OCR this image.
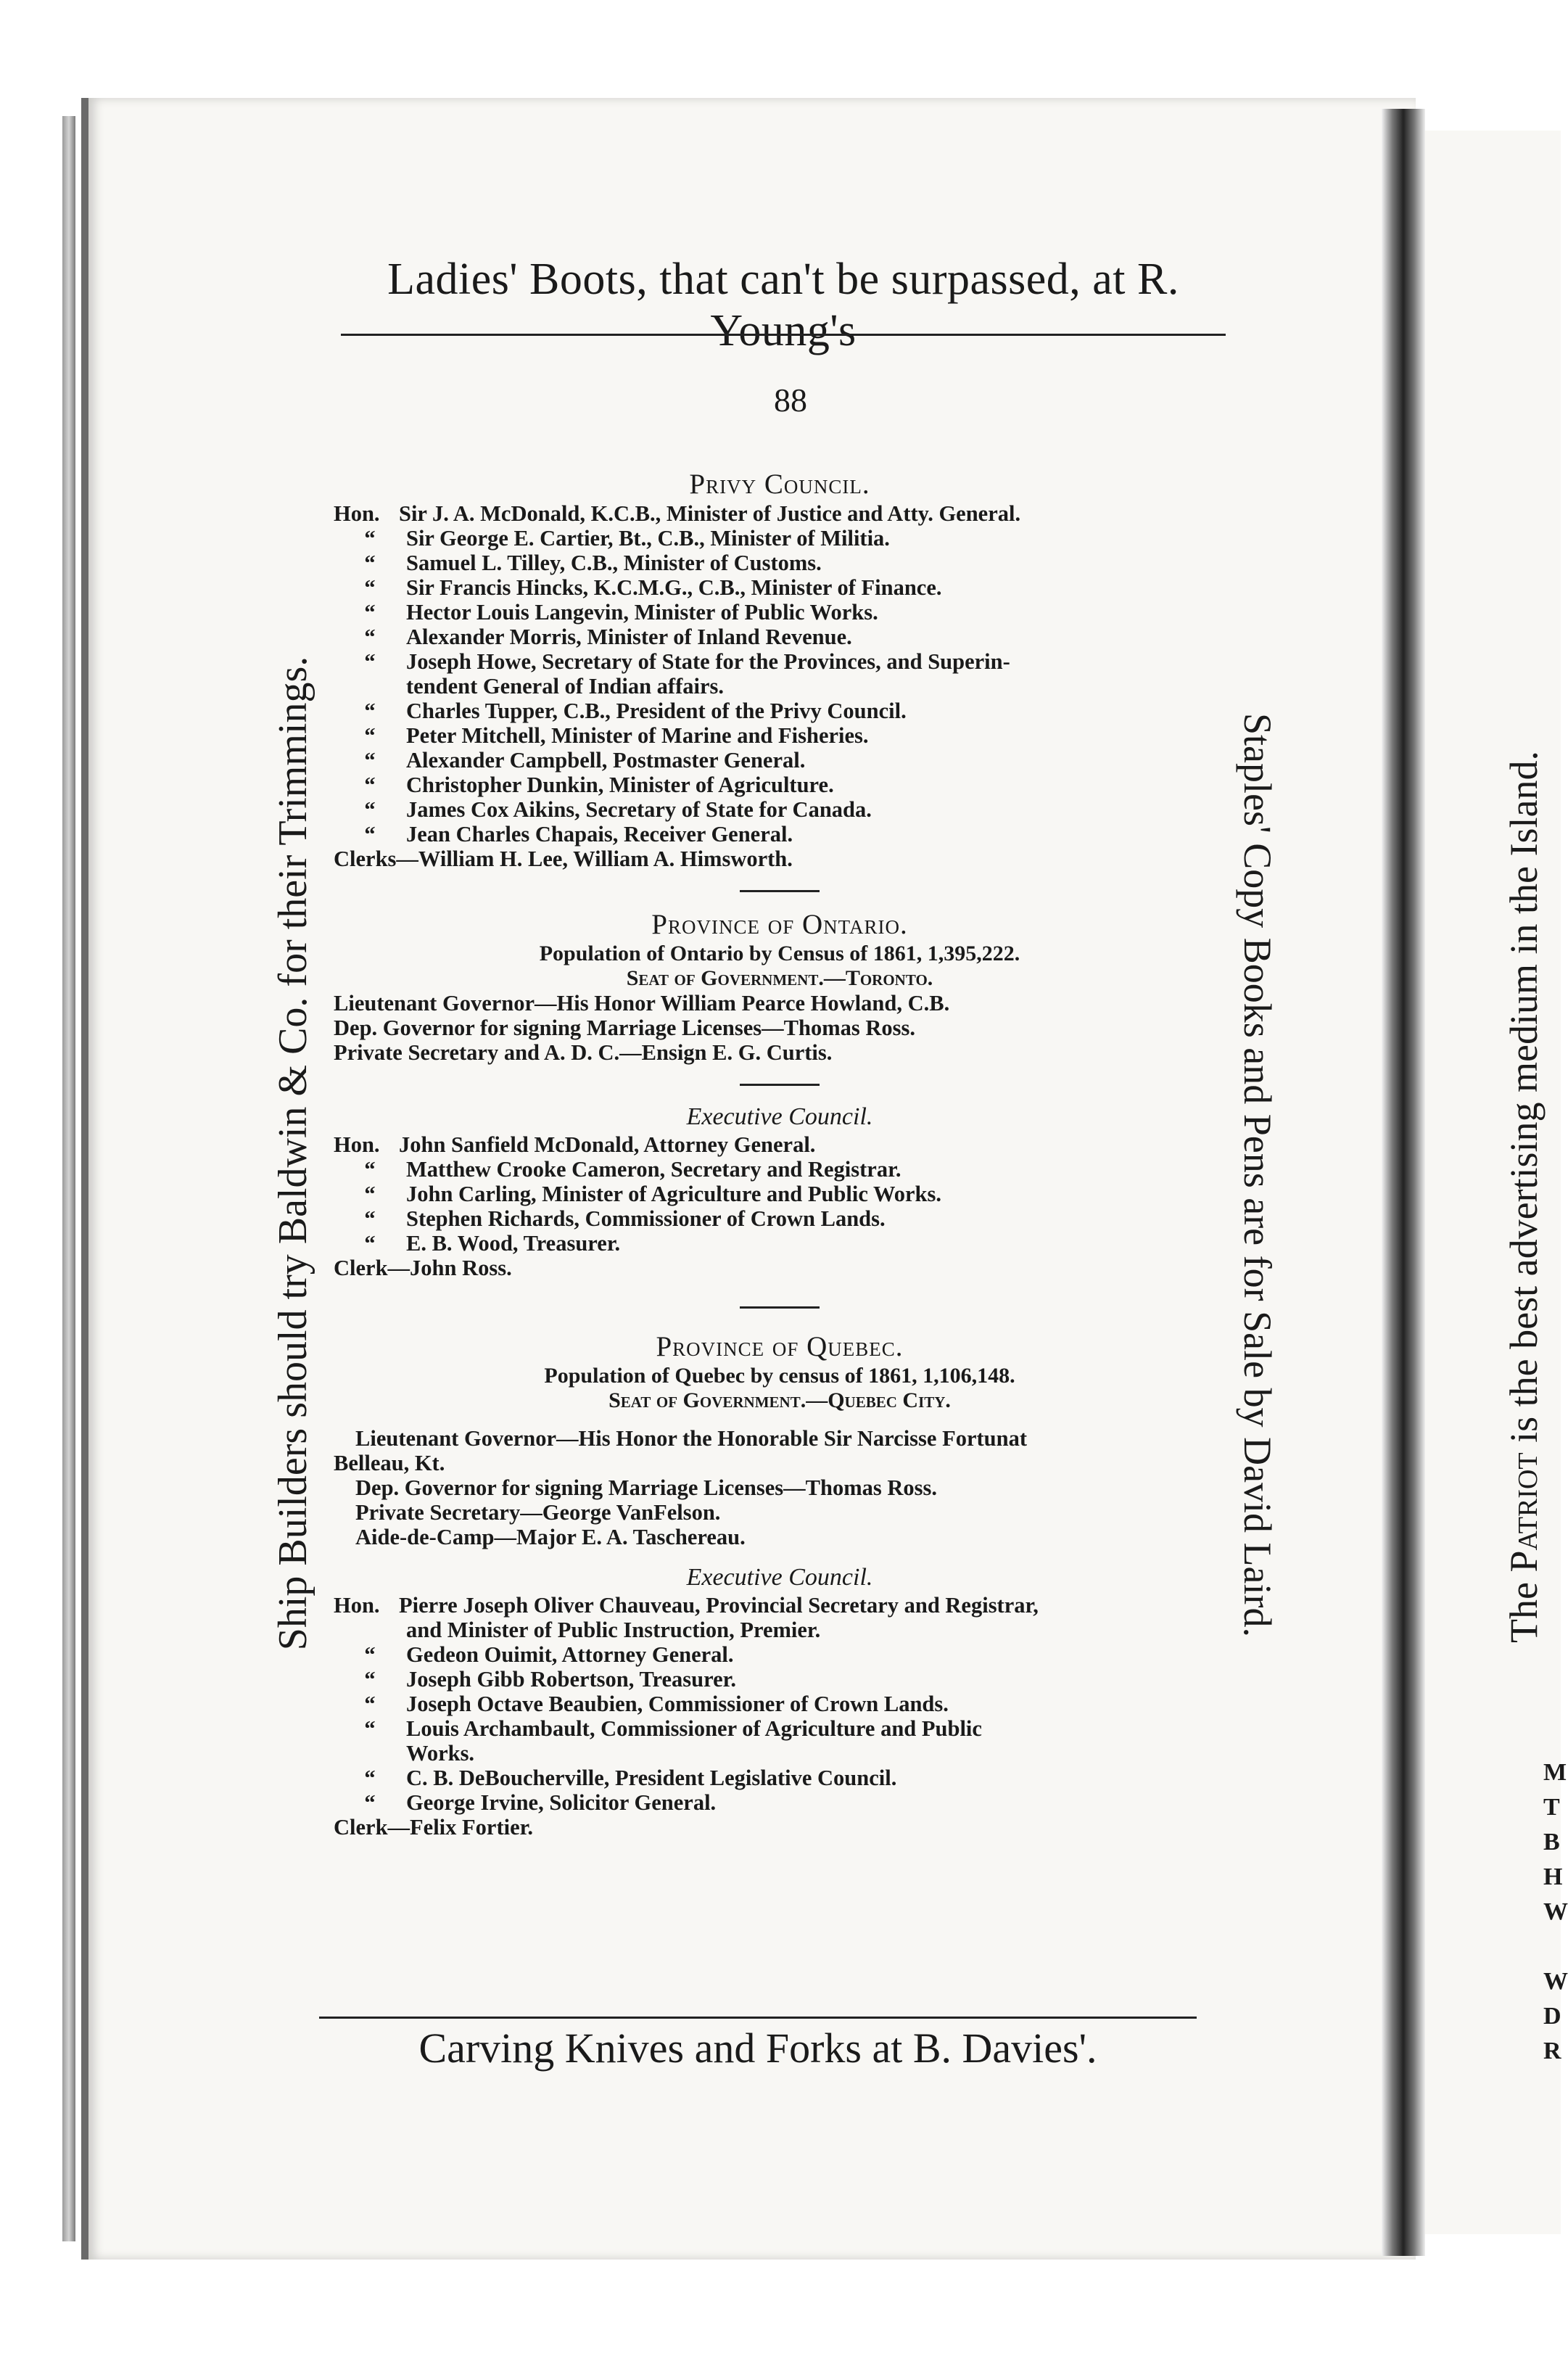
Ladies' Boots, that can't be surpassed, at R. Young's
88
Privy Council.
Hon. Sir J. A. McDonald, K.C.B., Minister of Justice and Atty. General.
“	Sir George E. Cartier, Bt., C.B., Minister of Militia.
“	Samuel L. Tilley, C.B., Minister of Customs.
“	Sir Francis Hincks, K.C.M.G., C.B., Minister of Finance.
“	Hector Louis Langevin, Minister of Public Works.
“	Alexander Morris, Minister of Inland Revenue.
“	Joseph Howe, Secretary of State for the Provinces, and Superin-
tendent General of Indian affairs.
“	Charles Tupper, C.B., President of the Privy Council.
“	Peter Mitchell, Minister of Marine and Fisheries.
“	Alexander Campbell, Postmaster General.
“	Christopher Dunkin, Minister of Agriculture.
“	James Cox Aikins, Secretary of State for Canada.
“	Jean Charles Chapais, Receiver General.
Clerks—William H. Lee, William A. Himsworth.
Province of Ontario.
Population of Ontario by Census of 1861, 1,395,222.
Seat of Government.—Toronto.
Lieutenant Governor—His Honor William Pearce Howland, C.B.
Dep. Governor for signing Marriage Licenses—Thomas Ross.
Private Secretary and A. D. C.—Ensign E. G. Curtis.
Executive Council.
Hon. John Sanfield McDonald, Attorney General.
“	Matthew Crooke Cameron, Secretary and Registrar.
“	John Carling, Minister of Agriculture and Public Works.
“	Stephen Richards, Commissioner of Crown Lands.
“	E. B. Wood, Treasurer.
Clerk—John Ross.
Province of Quebec.
Population of Quebec by census of 1861, 1,106,148.
Seat of Government.—Quebec City.
Lieutenant Governor—His Honor the Honorable Sir Narcisse Fortunat
Belleau, Kt.
Dep. Governor for signing Marriage Licenses—Thomas Ross.
Private Secretary—George VanFelson.
Aide-de-Camp—Major E. A. Taschereau.
Executive Council.
Hon. Pierre Joseph Oliver Chauveau, Provincial Secretary and Registrar,
and Minister of Public Instruction, Premier.
“	Gedeon Ouimit, Attorney General.
“	Joseph Gibb Robertson, Treasurer.
“	Joseph Octave Beaubien, Commissioner of Crown Lands.
“	Louis Archambault, Commissioner of Agriculture and Public
Works.
“	C. B. DeBoucherville, President Legislative Council.
“	George Irvine, Solicitor General.
Clerk—Felix Fortier.
Carving Knives and Forks at B. Davies'.
Ship Builders should try Baldwin & Co. for their Trimmings.	Staples' Copy Books and Pens are for Sale by David Laird.	The Patriot is the best advertising medium in the Island.
M
T
B
H
W

W
D
R
